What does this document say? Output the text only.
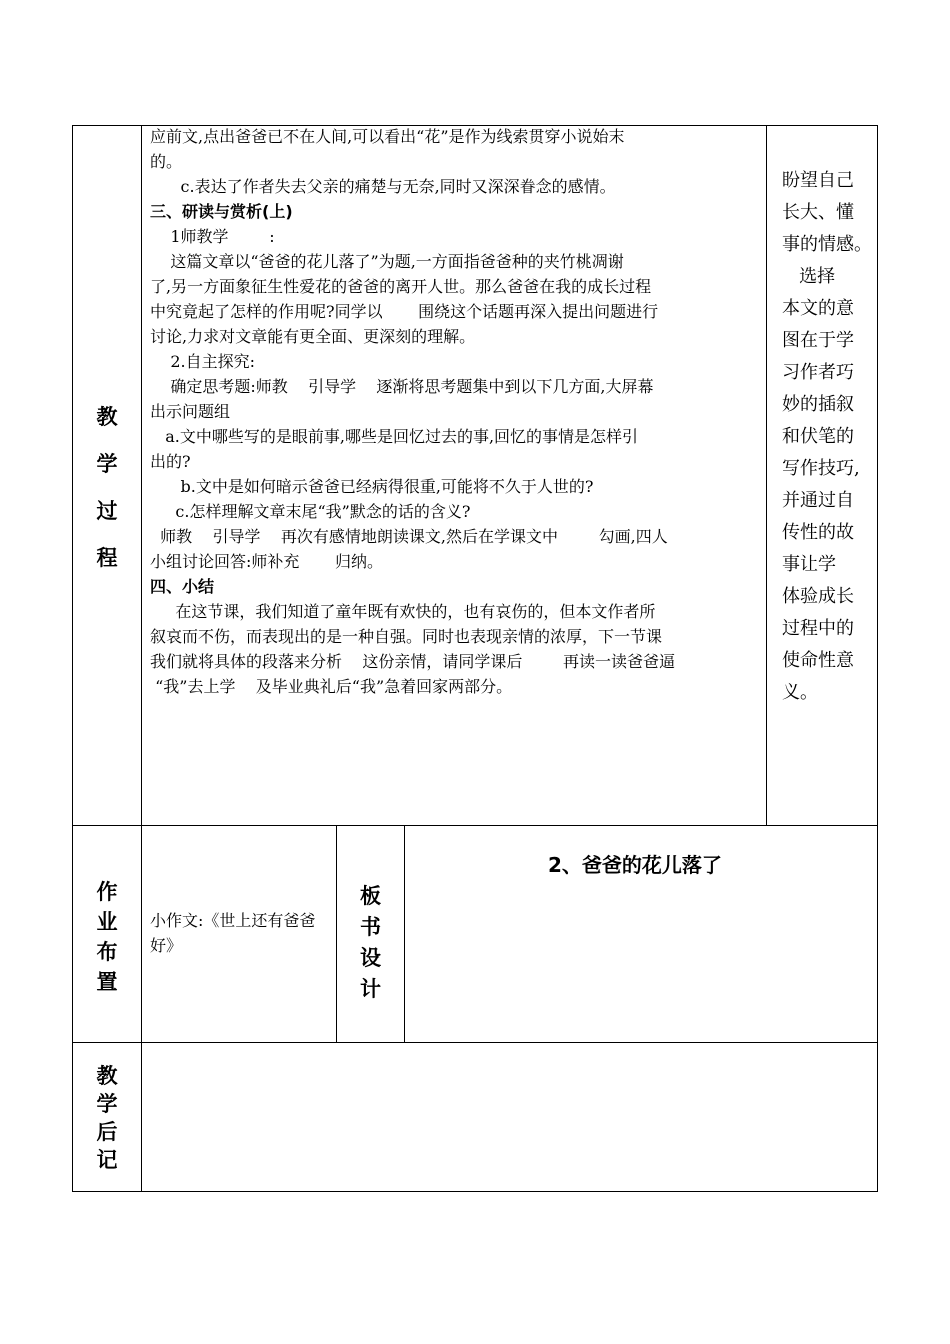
教
学
过
程
作
业
布
置
板
书
设
计
教
学
后
记
应前文,点出爸爸已不在人间,可以看出“花”是作为线索贯穿小说始末
的。
c.表达了作者失去父亲的痛楚与无奈,同时又深深眷念的感情。
三、研读与赏析(上)
1师教学        :
这篇文章以“爸爸的花儿落了”为题,一方面指爸爸种的夹竹桃凋谢
了,另一方面象征生性爱花的爸爸的离开人世。那么爸爸在我的成长过程
中究竟起了怎样的作用呢?同学以       围绕这个话题再深入提出问题进行
讨论,力求对文章能有更全面、更深刻的理解。
2.自主探究:
确定思考题:师教    引导学    逐渐将思考题集中到以下几方面,大屏幕
出示问题组
a.文中哪些写的是眼前事,哪些是回忆过去的事,回忆的事情是怎样引
出的?
b.文中是如何暗示爸爸已经病得很重,可能将不久于人世的?
c.怎样理解文章末尾“我”默念的话的含义?
师教    引导学    再次有感情地朗读课文,然后在学课文中        勾画,四人
小组讨论回答:师补充       归纳。
四、小结
在这节课，我们知道了童年既有欢快的，也有哀伤的，但本文作者所
叙哀而不伤，而表现出的是一种自强。同时也表现亲情的浓厚，下一节课
我们就将具体的段落来分析    这份亲情，请同学课后        再读一读爸爸逼
“我”去上学    及毕业典礼后“我”急着回家两部分。
盼望自己
长大、懂
事的情感。
选择
本文的意
图在于学
习作者巧
妙的插叙
和伏笔的
写作技巧,
并通过自
传性的故
事让学
体验成长
过程中的
使命性意
义。
小作文:《世上还有爸爸好》
2、爸爸的花儿落了
